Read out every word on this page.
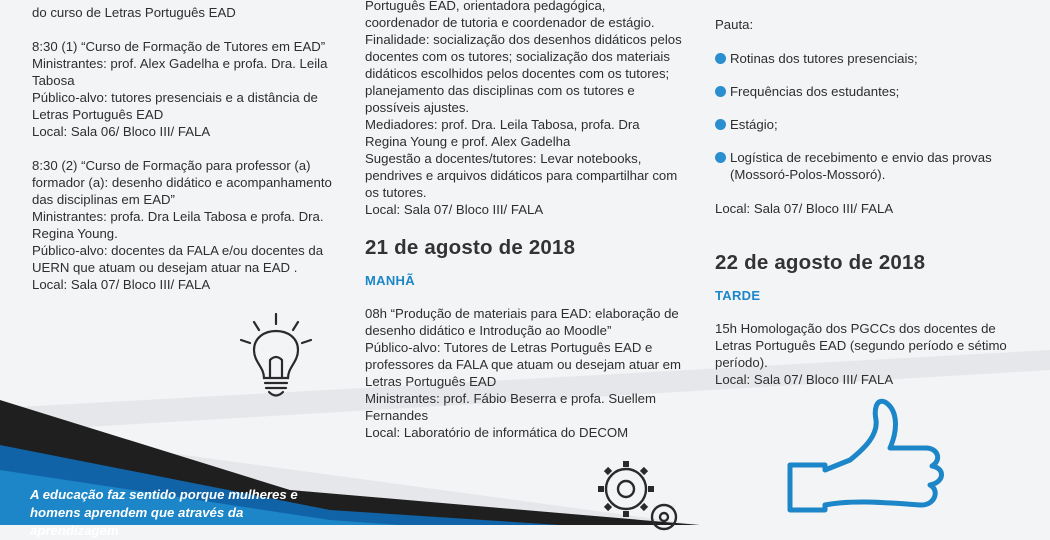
do curso de Letras Português EAD

8:30 (1) “Curso de Formação de Tutores em EAD”

Ministrantes: prof. Alex Gadelha e profa. Dra. Leila Tabosa

Público-alvo: tutores presenciais e a distância de Letras Português EAD

Local: Sala 06/ Bloco III/ FALA

8:30 (2) “Curso de Formação para professor (a) formador (a): desenho didático e acompanhamento das disciplinas em EAD”

Ministrantes: profa. Dra Leila Tabosa e profa. Dra. Regina Young.

Público-alvo: docentes da FALA e/ou docentes da UERN que atuam ou desejam atuar na EAD .

Local: Sala 07/ Bloco III/ FALA

Português EAD, orientadora pedagógica, coordenador de tutoria e coordenador de estágio.

Finalidade: socialização dos desenhos didáticos pelos docentes com os tutores; socialização dos materiais didáticos escolhidos pelos docentes com os tutores; planejamento das disciplinas com os tutores e possíveis ajustes.

Mediadores: prof. Dra. Leila Tabosa, profa. Dra Regina Young e prof. Alex Gadelha

Sugestão a docentes/tutores: Levar notebooks, pendrives e arquivos didáticos para compartilhar com os tutores.

Local: Sala 07/ Bloco III/ FALA

21 de agosto de 2018

MANHÃ

08h “Produção de materiais para EAD: elaboração de desenho didático e Introdução ao Moodle”

Público-alvo: Tutores de Letras Português EAD e professores da FALA que atuam ou desejam atuar em Letras Português EAD

Ministrantes: prof. Fábio Beserra e profa. Suellem Fernandes

Local: Laboratório de informática do DECOM

Pauta:

Rotinas dos tutores presenciais;
Frequências dos estudantes;
Estágio;
Logística de recebimento e envio das provas (Mossoró-Polos-Mossoró).

Local: Sala 07/ Bloco III/ FALA

22 de agosto de 2018

TARDE

15h Homologação dos PGCCs dos docentes de Letras Português EAD (segundo período e sétimo período).

Local: Sala 07/ Bloco III/ FALA

A educação faz sentido porque mulheres e homens aprendem que através da aprendizagem
